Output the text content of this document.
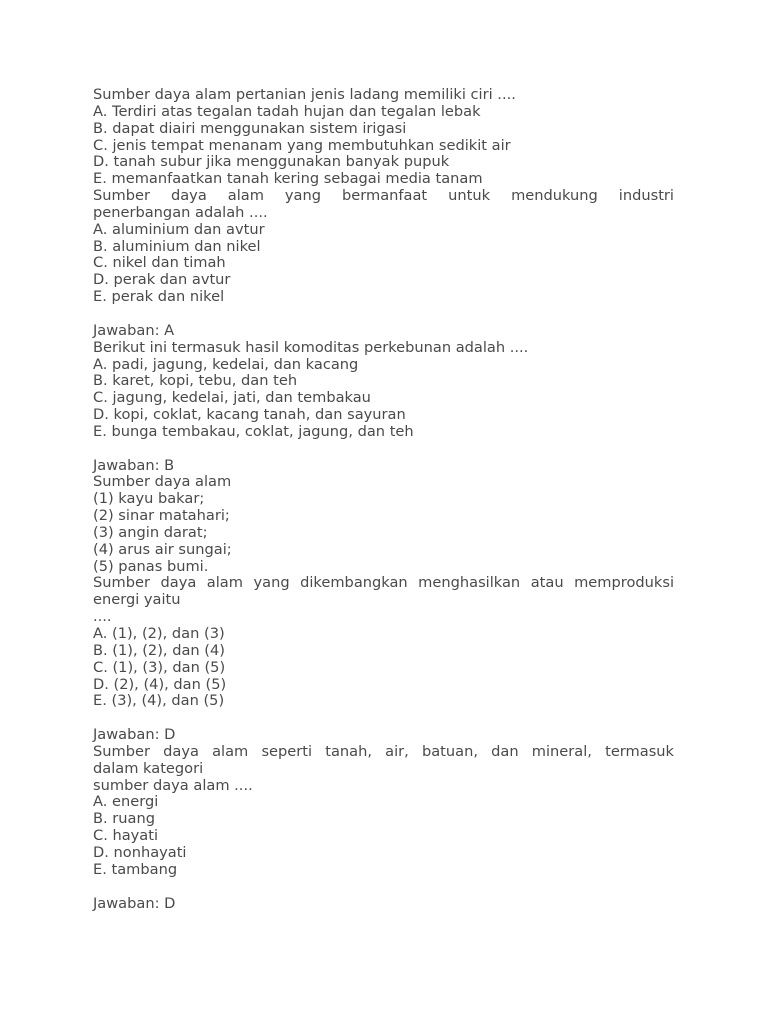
Sumber daya alam pertanian jenis ladang memiliki ciri ....
A. Terdiri atas tegalan tadah hujan dan tegalan lebak
B. dapat diairi menggunakan sistem irigasi
C. jenis tempat menanam yang membutuhkan sedikit air
D. tanah subur jika menggunakan banyak pupuk
E. memanfaatkan tanah kering sebagai media tanam
Sumber daya alam yang bermanfaat untuk mendukung industri
penerbangan adalah ....
A. aluminium dan avtur
B. aluminium dan nikel
C. nikel dan timah
D. perak dan avtur
E. perak dan nikel
Jawaban: A
Berikut ini termasuk hasil komoditas perkebunan adalah ....
A. padi, jagung, kedelai, dan kacang
B. karet, kopi, tebu, dan teh
C. jagung, kedelai, jati, dan tembakau
D. kopi, coklat, kacang tanah, dan sayuran
E. bunga tembakau, coklat, jagung, dan teh
Jawaban: B
Sumber daya alam
(1) kayu bakar;
(2) sinar matahari;
(3) angin darat;
(4) arus air sungai;
(5) panas bumi.
Sumber daya alam yang dikembangkan menghasilkan atau memproduksi
energi yaitu
....
A. (1), (2), dan (3)
B. (1), (2), dan (4)
C. (1), (3), dan (5)
D. (2), (4), dan (5)
E. (3), (4), dan (5)
Jawaban: D
Sumber daya alam seperti tanah, air, batuan, dan mineral, termasuk
dalam kategori
sumber daya alam ....
A. energi
B. ruang
C. hayati
D. nonhayati
E. tambang
Jawaban: D
